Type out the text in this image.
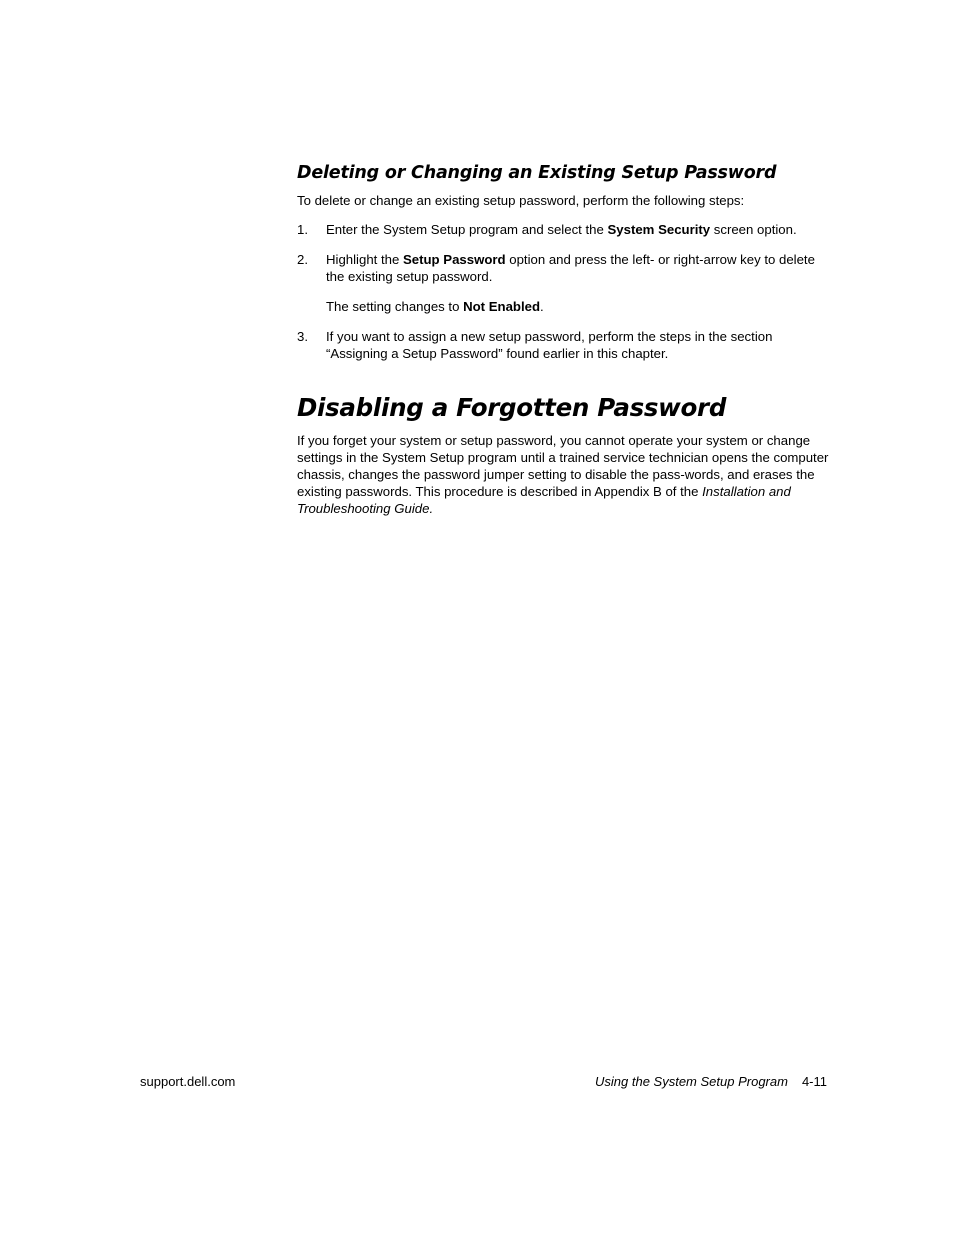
Deleting or Changing an Existing Setup Password

To delete or change an existing setup password, perform the following steps:

1.	Enter the System Setup program and select the System Security screen option.
2.	Highlight the Setup Password option and press the left- or right-arrow key to delete the existing setup password.

The setting changes to Not Enabled.

3.	If you want to assign a new setup password, perform the steps in the section “Assigning a Setup Password” found earlier in this chapter.
Disabling a Forgotten Password

If you forget your system or setup password, you cannot operate your system or change settings in the System Setup program until a trained service technician opens the computer chassis, changes the password jumper setting to disable the pass-words, and erases the existing passwords. This procedure is described in Appendix B of the Installation and Troubleshooting Guide.

support.dell.com	Using the System Setup Program 4-11
